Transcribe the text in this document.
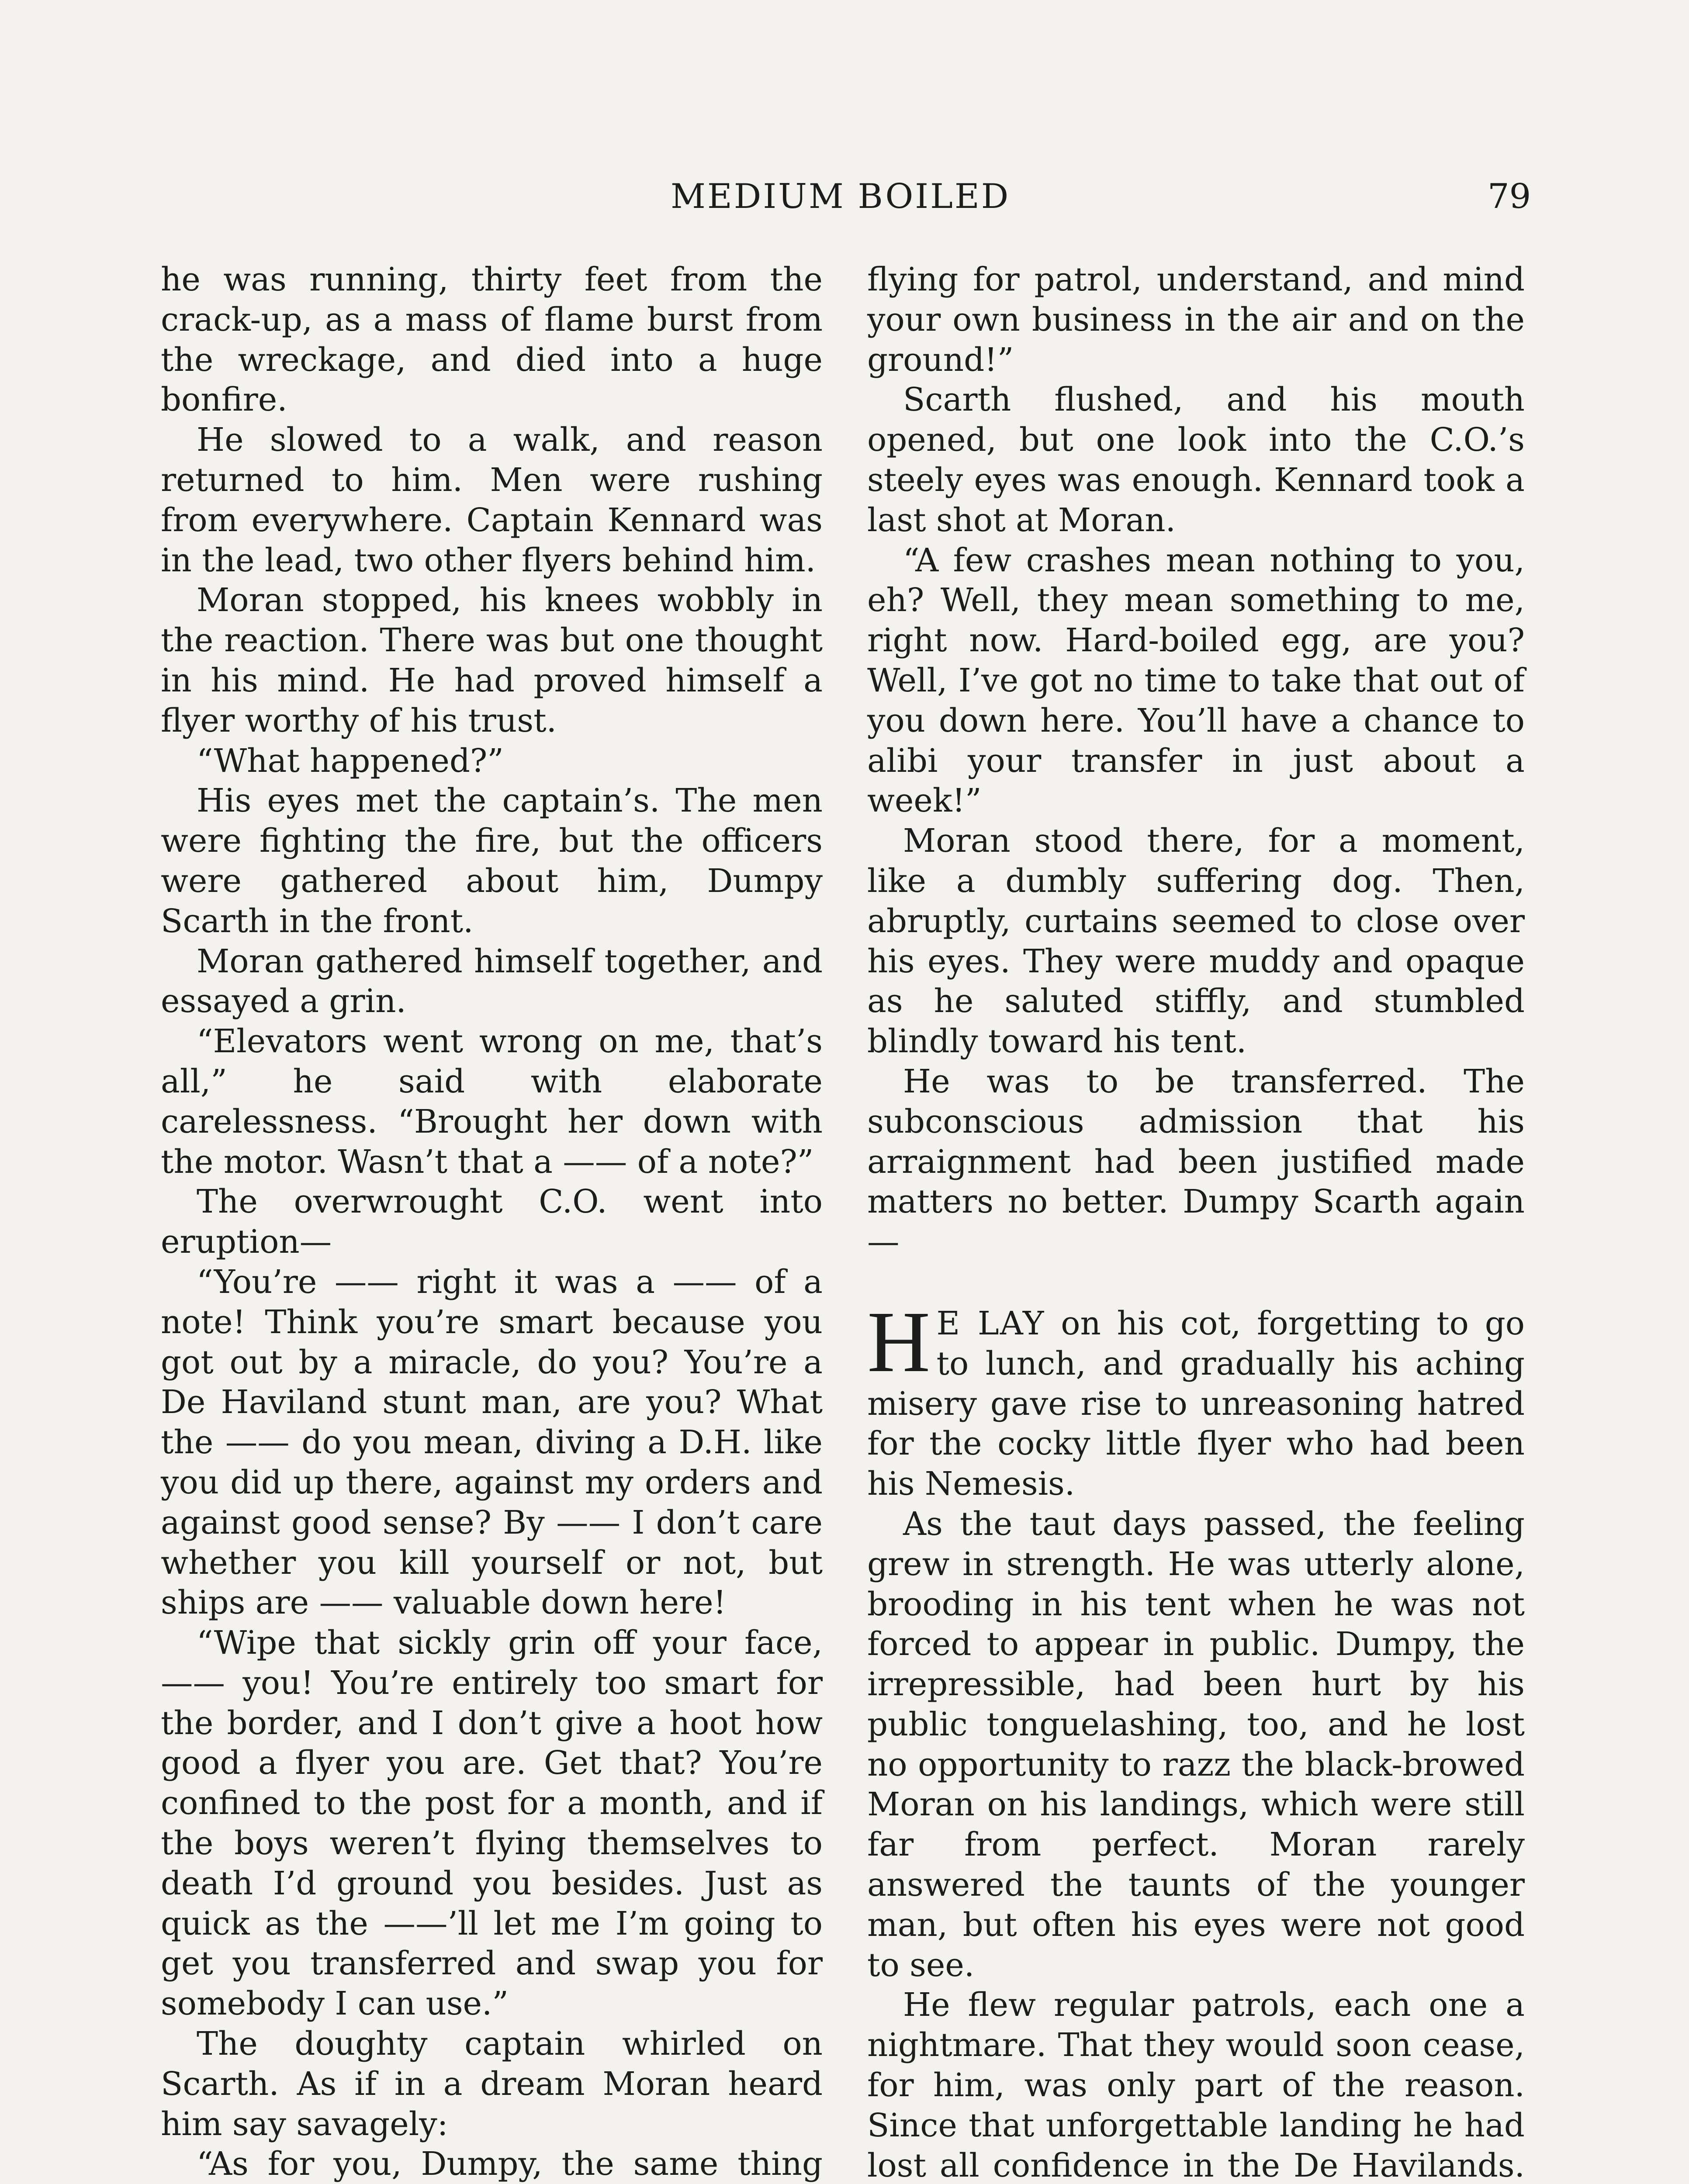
MEDIUM BOILED	79

he was running, thirty feet from the crack-up, as a mass of flame burst from the wreckage, and died into a huge bonfire.

He slowed to a walk, and reason returned to him. Men were rushing from everywhere. Captain Kennard was in the lead, two other flyers behind him.

Moran stopped, his knees wobbly in the reaction. There was but one thought in his mind. He had proved himself a flyer worthy of his trust.

“What happened?”

His eyes met the captain’s. The men were fighting the fire, but the officers were gathered about him, Dumpy Scarth in the front.

Moran gathered himself together, and essayed a grin.

“Elevators went wrong on me, that’s all,” he said with elaborate carelessness. “Brought her down with the motor. Wasn’t that a —— of a note?”

The overwrought C.O. went into eruption—

“You’re —— right it was a —— of a note! Think you’re smart because you got out by a miracle, do you? You’re a De Haviland stunt man, are you? What the —— do you mean, diving a D.H. like you did up there, against my orders and against good sense? By —— I don’t care whether you kill yourself or not, but ships are —— valuable down here!

“Wipe that sickly grin off your face, —— you! You’re entirely too smart for the border, and I don’t give a hoot how good a flyer you are. Get that? You’re confined to the post for a month, and if the boys weren’t flying themselves to death I’d ground you besides. Just as quick as the ——’ll let me I’m going to get you transferred and swap you for somebody I can use.”

The doughty captain whirled on Scarth. As if in a dream Moran heard him say savagely:

“As for you, Dumpy, the same thing

flying for patrol, understand, and mind your own business in the air and on the ground!”

Scarth flushed, and his mouth opened, but one look into the C.O.’s steely eyes was enough. Kennard took a last shot at Moran.

“A few crashes mean nothing to you, eh? Well, they mean something to me, right now. Hard-boiled egg, are you? Well, I’ve got no time to take that out of you down here. You’ll have a chance to alibi your transfer in just about a week!”

Moran stood there, for a moment, like a dumbly suffering dog. Then, abruptly, curtains seemed to close over his eyes. They were muddy and opaque as he saluted stiffly, and stumbled blindly toward his tent.

He was to be transferred. The subconscious admission that his arraignment had been justified made matters no better. Dumpy Scarth again—

H E LAY on his cot, forgetting to go to lunch, and gradually his aching misery gave rise to unreasoning hatred for the cocky little flyer who had been his Nemesis.

As the taut days passed, the feeling grew in strength. He was utterly alone, brooding in his tent when he was not forced to appear in public. Dumpy, the irrepressible, had been hurt by his public tonguelashing, too, and he lost no opportunity to razz the black-browed Moran on his landings, which were still far from perfect. Moran rarely answered the taunts of the younger man, but often his eyes were not good to see.

He flew regular patrols, each one a nightmare. That they would soon cease, for him, was only part of the reason. Since that unforgettable landing he had lost all confidence in the De Havilands.
